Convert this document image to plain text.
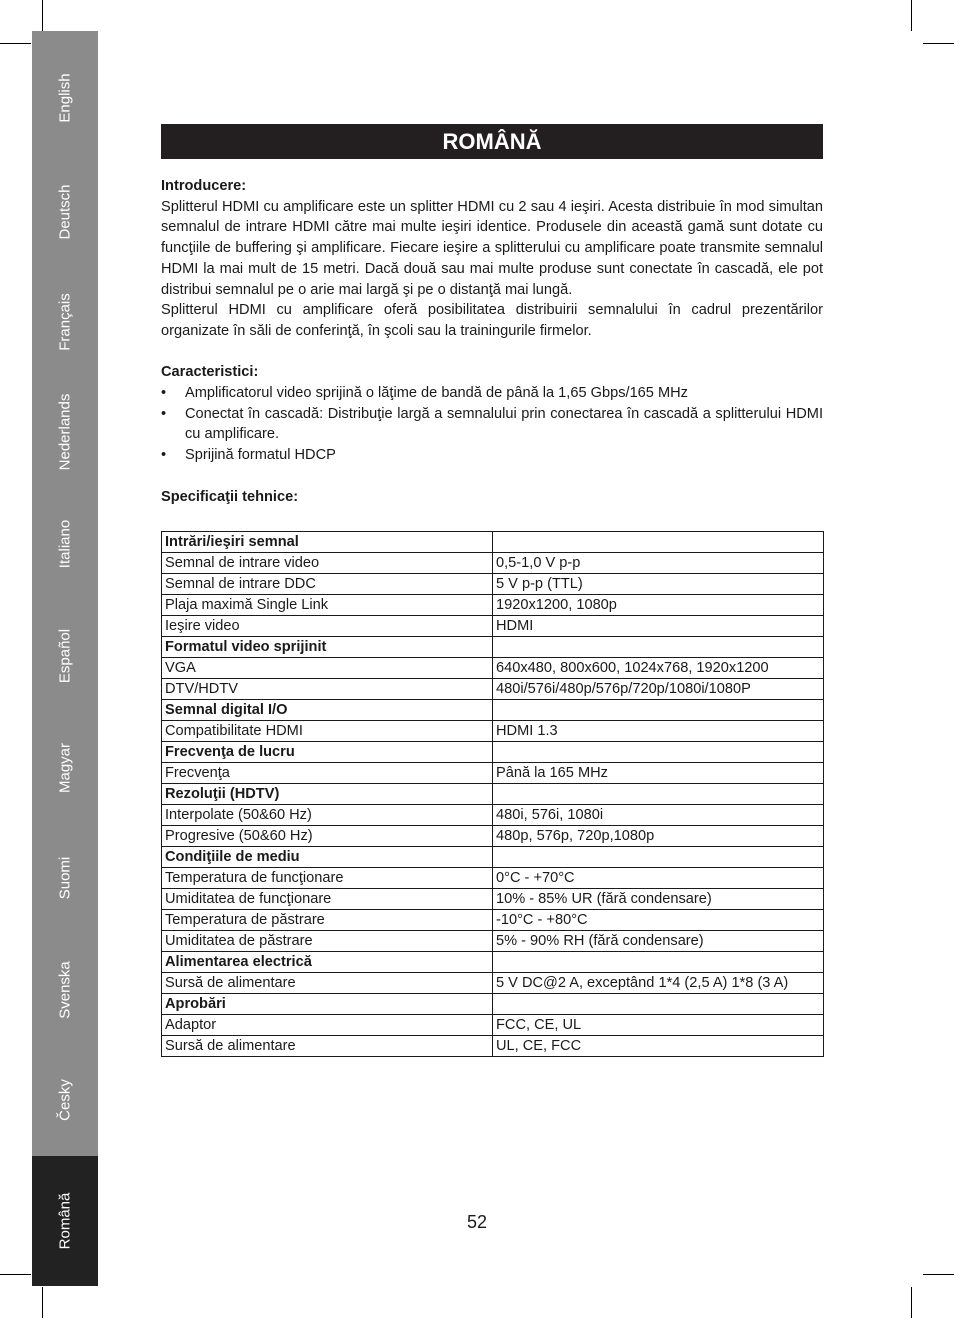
English
Deutsch
Français
Nederlands
Italiano
Español
Magyar
Suomi
Svenska
Česky
Română
ROMÂNĂ

Introducere:

Splitterul HDMI cu amplificare este un splitter HDMI cu 2 sau 4 ieşiri. Acesta distribuie în mod simultan semnalul de intrare HDMI către mai multe ieşiri identice. Produsele din această gamă sunt dotate cu funcţiile de buffering şi amplificare. Fiecare ieşire a splitterului cu amplificare poate transmite semnalul HDMI la mai mult de 15 metri. Dacă două sau mai multe produse sunt conectate în cascadă, ele pot distribui semnalul pe o arie mai largă şi pe o distanţă mai lungă.

Splitterul HDMI cu amplificare oferă posibilitatea distribuirii semnalului în cadrul prezentărilor organizate în săli de conferinţă, în şcoli sau la trainingurile firmelor.

Caracteristici:

• Amplificatorul video sprijină o lăţime de bandă de până la 1,65 Gbps/165 MHz
• Conectat în cascadă: Distribuţie largă a semnalului prin conectarea în cascadă a splitterului HDMI cu amplificare.
• Sprijină formatul HDCP

Specificaţii tehnice:

Intrări/ieşiri semnal	
Semnal de intrare video	0,5-1,0 V p-p
Semnal de intrare DDC	5 V p-p (TTL)
Plaja maximă Single Link	1920x1200, 1080p
Ieşire video	HDMI
Formatul video sprijinit	
VGA	640x480, 800x600, 1024x768, 1920x1200
DTV/HDTV	480i/576i/480p/576p/720p/1080i/1080P
Semnal digital I/O	
Compatibilitate HDMI	HDMI 1.3
Frecvenţa de lucru	
Frecvenţa	Până la 165 MHz
Rezoluţii (HDTV)	
Interpolate (50&60 Hz)	480i, 576i, 1080i
Progresive (50&60 Hz)	480p, 576p, 720p,1080p
Condiţiile de mediu	
Temperatura de funcţionare	0°C - +70°C
Umiditatea de funcţionare	10% - 85% UR (fără condensare)
Temperatura de păstrare	-10°C - +80°C
Umiditatea de păstrare	5% - 90% RH (fără condensare)
Alimentarea electrică	
Sursă de alimentare	5 V DC@2 A, exceptând 1*4 (2,5 A) 1*8 (3 A)
Aprobări	
Adaptor	FCC, CE, UL
Sursă de alimentare	UL, CE, FCC
52
